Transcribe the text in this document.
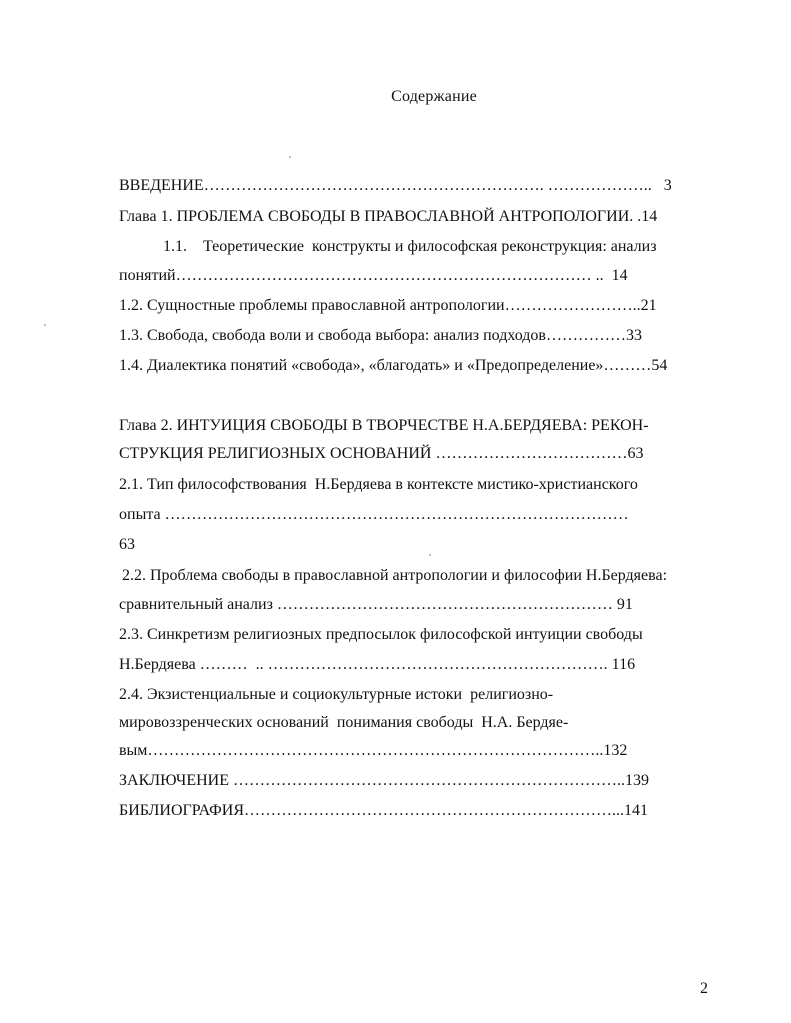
Содержание
ВВЕДЕНИЕ………………………………………………………. ………………..   3
Глава 1. ПРОБЛЕМА СВОБОДЫ В ПРАВОСЛАВНОЙ АНТРОПОЛОГИИ. .14
1.1.    Теоретические  конструкты и философская реконструкция: анализ
понятий…………………………………………………………………… ..  14
1.2. Сущностные проблемы православной антропологии……………………..21
1.3. Свобода, свобода воли и свобода выбора: анализ подходов……………33
1.4. Диалектика понятий «свобода», «благодать» и «Предопределение»………54
Глава 2. ИНТУИЦИЯ СВОБОДЫ В ТВОРЧЕСТВЕ Н.А.БЕРДЯЕВА: РЕКОН-
СТРУКЦИЯ РЕЛИГИОЗНЫХ ОСНОВАНИЙ ………………………………63
2.1. Тип философствования  Н.Бердяева в контексте мистико-христианского
опыта ……………………………………………………………………………
63
2.2. Проблема свободы в православной антропологии и философии Н.Бердяева:
сравнительный анализ ……………………………………………………… 91
2.3. Синкретизм религиозных предпосылок философской интуиции свободы
Н.Бердяева ………  .. ………………………………………………………. 116
2.4. Экзистенциальные и социокультурные истоки  религиозно-
мировоззренческих оснований  понимания свободы  Н.А. Бердяе-
вым…………………………………………………………………………..132
ЗАКЛЮЧЕНИЕ ………………………………………………………………..139
БИБЛИОГРАФИЯ……………………………………………………………...141
2
